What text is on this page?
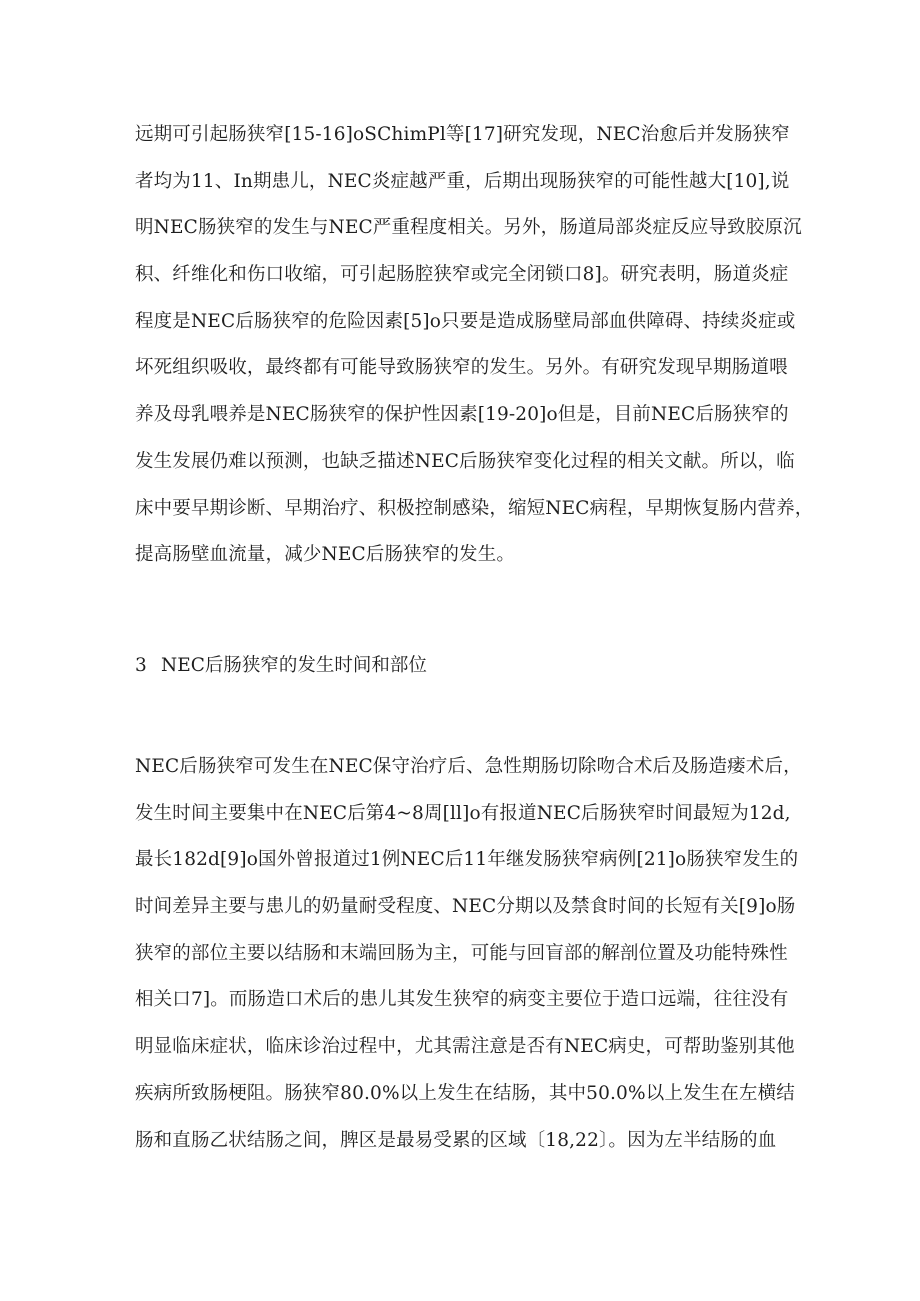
远期可引起肠狭窄[15-16]oSChimPl等[17]研究发现，NEC治愈后并发肠狭窄
者均为11、In期患儿，NEC炎症越严重，后期出现肠狭窄的可能性越大[10],说
明NEC肠狭窄的发生与NEC严重程度相关。另外，肠道局部炎症反应导致胶原沉
积、纤维化和伤口收缩，可引起肠腔狭窄或完全闭锁口8]。研究表明，肠道炎症
程度是NEC后肠狭窄的危险因素[5]o只要是造成肠壁局部血供障碍、持续炎症或
坏死组织吸收，最终都有可能导致肠狭窄的发生。另外。有研究发现早期肠道喂
养及母乳喂养是NEC肠狭窄的保护性因素[19-20]o但是，目前NEC后肠狭窄的
发生发展仍难以预测，也缺乏描述NEC后肠狭窄变化过程的相关文献。所以，临
床中要早期诊断、早期治疗、积极控制感染，缩短NEC病程，早期恢复肠内营养，
提高肠壁血流量，减少NEC后肠狭窄的发生。
3 NEC后肠狭窄的发生时间和部位
NEC后肠狭窄可发生在NEC保守治疗后、急性期肠切除吻合术后及肠造瘘术后，
发生时间主要集中在NEC后第4~8周[ll]o有报道NEC后肠狭窄时间最短为12d,
最长182d[9]o国外曾报道过1例NEC后11年继发肠狭窄病例[21]o肠狭窄发生的
时间差异主要与患儿的奶量耐受程度、NEC分期以及禁食时间的长短有关[9]o肠
狭窄的部位主要以结肠和末端回肠为主，可能与回盲部的解剖位置及功能特殊性
相关口7]。而肠造口术后的患儿其发生狭窄的病变主要位于造口远端，往往没有
明显临床症状，临床诊治过程中，尤其需注意是否有NEC病史，可帮助鉴别其他
疾病所致肠梗阻。肠狭窄80.0%以上发生在结肠，其中50.0%以上发生在左横结
肠和直肠乙状结肠之间，脾区是最易受累的区域〔18,22〕。因为左半结肠的血
